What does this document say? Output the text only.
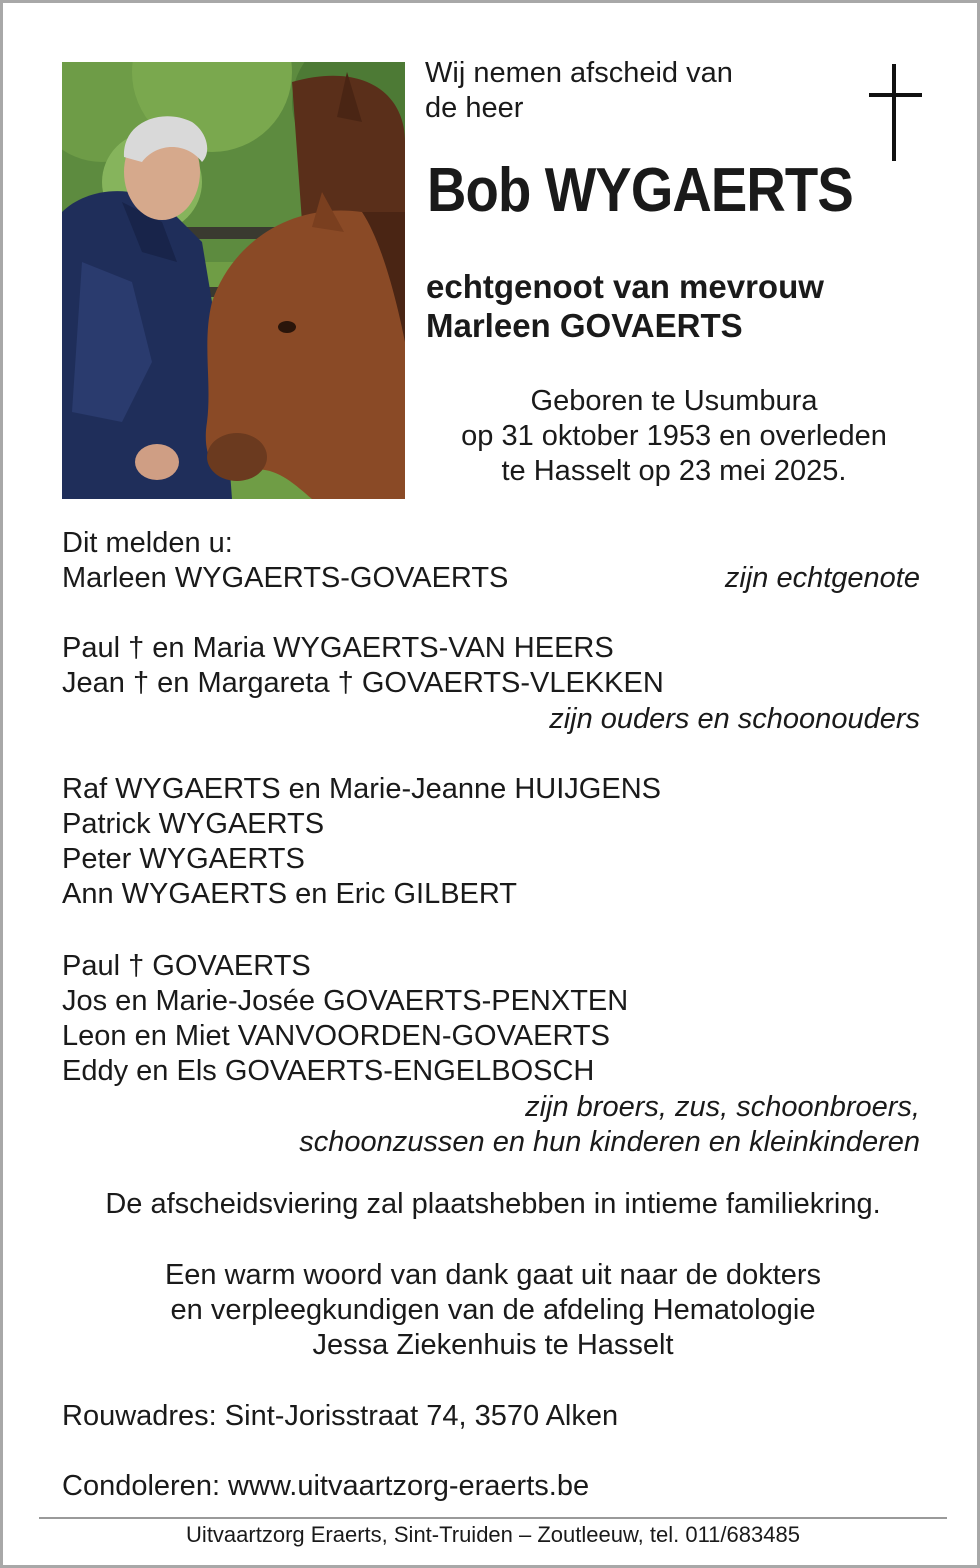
Wij nemen afscheid van
de heer
Bob WYGAERTS
echtgenoot van mevrouw
Marleen GOVAERTS
Geboren te Usumbura
op 31 oktober 1953 en overleden
te Hasselt op 23 mei 2025.
Dit melden u:
Marleen WYGAERTS-GOVAERTS	zijn echtgenote
Paul † en Maria WYGAERTS-VAN HEERS
Jean † en Margareta † GOVAERTS-VLEKKEN
zijn ouders en schoonouders
Raf WYGAERTS en Marie-Jeanne HUIJGENS
Patrick WYGAERTS
Peter WYGAERTS
Ann WYGAERTS en Eric GILBERT
Paul † GOVAERTS
Jos en Marie-Josée GOVAERTS-PENXTEN
Leon en Miet VANVOORDEN-GOVAERTS
Eddy en Els GOVAERTS-ENGELBOSCH
zijn broers, zus, schoonbroers,
schoonzussen en hun kinderen en kleinkinderen
De afscheidsviering zal plaatshebben in intieme familiekring.
Een warm woord van dank gaat uit naar de dokters
en verpleegkundigen van de afdeling Hematologie
Jessa Ziekenhuis te Hasselt
Rouwadres: Sint-Jorisstraat 74, 3570 Alken
Condoleren: www.uitvaartzorg-eraerts.be
Uitvaartzorg Eraerts, Sint-Truiden – Zoutleeuw, tel. 011/683485
